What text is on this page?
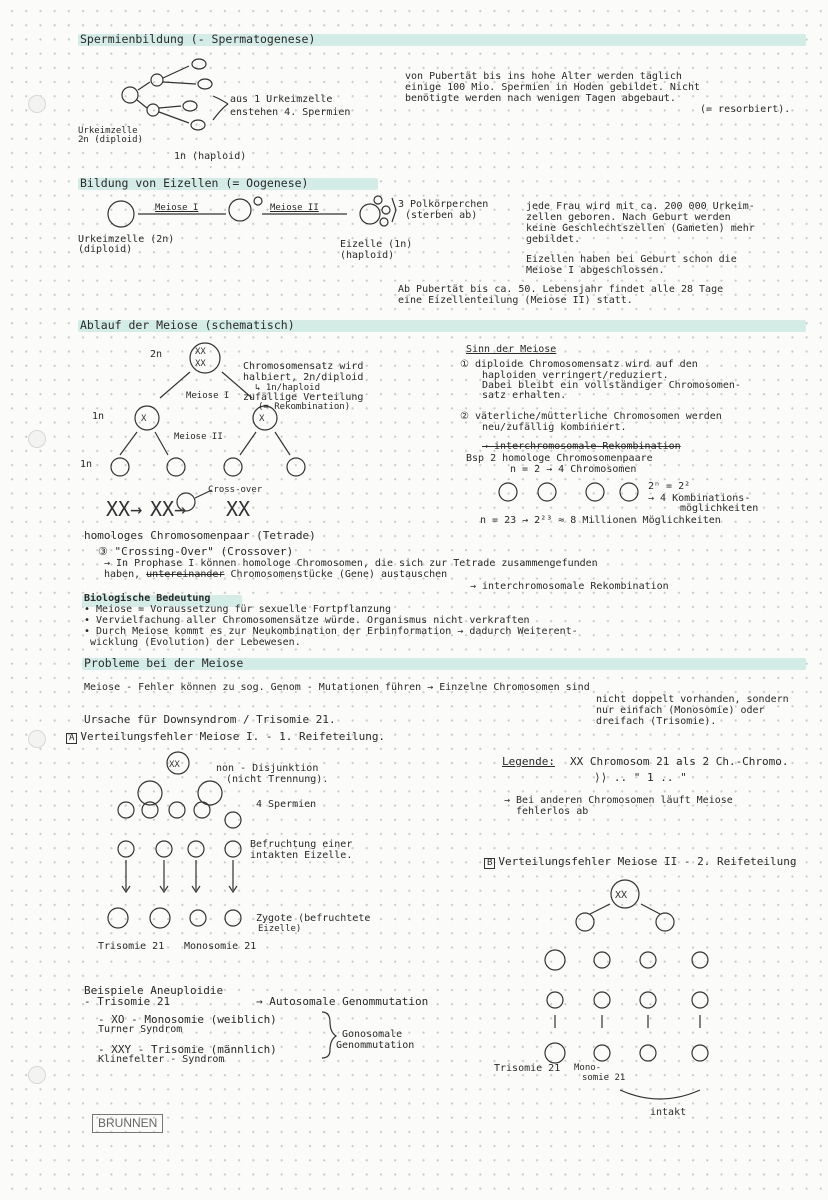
XX
XX
X	X
XX→ XX→ XX
XX
XX
Spermienbildung (- Spermatogenese)
aus 1 Urkeimzelle
enstehen 4. Spermien
Urkeimzelle
2n (diploid)
1n (haploid)
von Pubertät bis ins hohe Alter werden täglich
einige 100 Mio. Spermien in Hoden gebildet. Nicht
benötigte werden nach wenigen Tagen abgebaut.
(= resorbiert).
Bildung von Eizellen (= Oogenese)
Meiose I	Meiose II
Urkeimzelle (2n)
(diploid)	Eizelle (1n)
(haploid)
3 Polkörperchen
(sterben ab)
jede Frau wird mit ca. 200 000 Urkeim-
zellen geboren. Nach Geburt werden
keine Geschlechtszellen (Gameten) mehr
gebildet.
Eizellen haben bei Geburt schon die
Meiose I abgeschlossen.
Ab Pubertät bis ca. 50. Lebensjahr findet alle 28 Tage
eine Eizellenteilung (Meiose II) statt.
Ablauf der Meiose (schematisch)
2n
1n
1n
Meiose I
Meiose II
Chromosomensatz wird
halbiert, 2n/diploid
↳ 1n/haploid
zufällige Verteilung
(= Rekombination)
Cross-over
homologes Chromosomenpaar (Tetrade)
Sinn der Meiose
① diploide Chromosomensatz wird auf den
haploiden verringert/reduziert.
Dabei bleibt ein vollständiger Chromosomen-
satz erhalten.
② väterliche/mütterliche Chromosomen werden
neu/zufällig kombiniert.
→ interchromosomale Rekombination
Bsp 2 homologe Chromosomenpaare
n = 2 → 4 Chromosomen
2ⁿ = 2²
→ 4 Kombinations-
möglichkeiten
n = 23 → 2²³ ≈ 8 Millionen Möglichkeiten
③ "Crossing-Over" (Crossover)
→ In Prophase I können homologe Chromosomen, die sich zur Tetrade zusammengefunden
haben, untereinander Chromosomenstücke (Gene) austauschen
→ interchromosomale Rekombination
Biologische Bedeutung
• Meiose = Voraussetzung für sexuelle Fortpflanzung
• Vervielfachung aller Chromosomensätze würde. Organismus nicht verkraften
• Durch Meiose kommt es zur Neukombination der Erbinformation → dadurch Weiterent-
wicklung (Evolution) der Lebewesen.
Probleme bei der Meiose
Meiose - Fehler können zu sog. Genom - Mutationen führen → Einzelne Chromosomen sind
nicht doppelt vorhanden, sondern
nur einfach (Monosomie) oder
dreifach (Trisomie).
Ursache für Downsyndrom / Trisomie 21.
A Verteilungsfehler Meiose I. - 1. Reifeteilung.
non - Disjunktion
(nicht Trennung).
4 Spermien
Befruchtung einer
intakten Eizelle.
Zygote (befruchtete
Eizelle)
Trisomie 21 Monosomie 21
Legende: XX Chromosom 21 als 2 Ch.-Chromo.
⟩⟩ .. " 1 .. "
→ Bei anderen Chromosomen läuft Meiose
fehlerlos ab
B Verteilungsfehler Meiose II - 2. Reifeteilung
Trisomie 21 Mono-
somie 21
intakt
Beispiele Aneuploidie
- Trisomie 21	→ Autosomale Genommutation
- XO - Monosomie (weiblich)
Turner Syndrom
- XXY - Trisomie (männlich)
Klinefelter - Syndrom
Gonosomale
Genommutation
BRUNNEN
